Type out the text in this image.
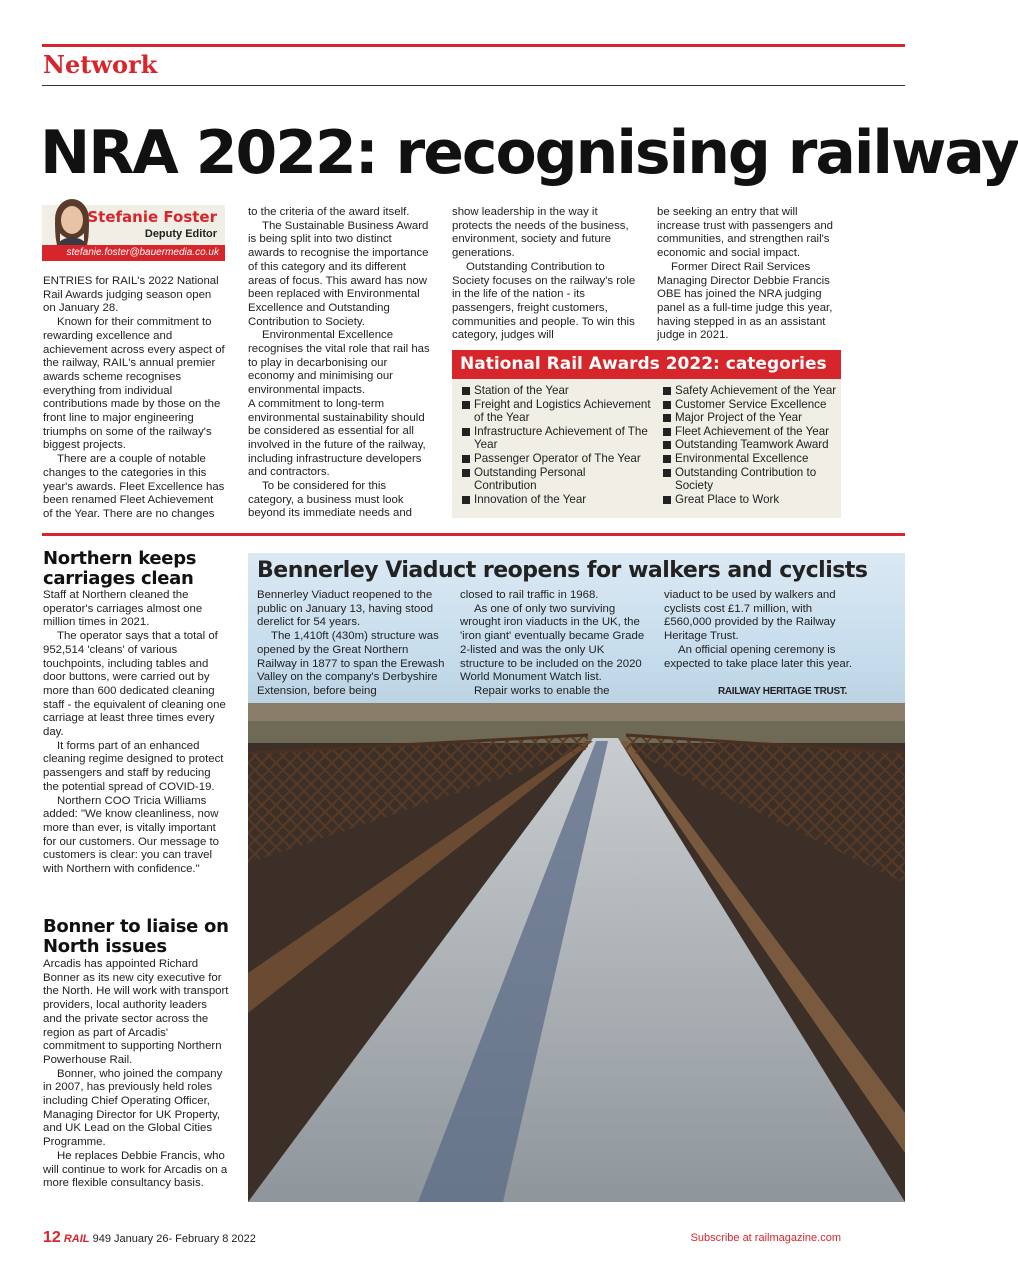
Network
NRA 2022: recognising railway
Stefanie Foster
Deputy Editor
stefanie.foster@bauermedia.co.uk

ENTRIES for RAIL's 2022 National Rail Awards judging season open on January 28.

Known for their commitment to rewarding excellence and achievement across every aspect of the railway, RAIL's annual premier awards scheme recognises everything from individual contributions made by those on the front line to major engineering triumphs on some of the railway's biggest projects.

There are a couple of notable changes to the categories in this year's awards. Fleet Excellence has been renamed Fleet Achievement of the Year. There are no changes

to the criteria of the award itself.

The Sustainable Business Award is being split into two distinct awards to recognise the importance of this category and its different areas of focus. This award has now been replaced with Environmental Excellence and Outstanding Contribution to Society.

Environmental Excellence recognises the vital role that rail has to play in decarbonising our economy and minimising our environmental impacts.

A commitment to long-term environmental sustainability should be considered as essential for all involved in the future of the railway, including infrastructure developers and contractors.

To be considered for this category, a business must look beyond its immediate needs and

show leadership in the way it protects the needs of the business, environment, society and future generations.

Outstanding Contribution to Society focuses on the railway's role in the life of the nation - its passengers, freight customers, communities and people. To win this category, judges will

be seeking an entry that will increase trust with passengers and communities, and strengthen rail's economic and social impact.

Former Direct Rail Services Managing Director Debbie Francis OBE has joined the NRA judging panel as a full-time judge this year, having stepped in as an assistant judge in 2021.

National Rail Awards 2022: categories
Station of the Year
Freight and Logistics Achievement of the Year
Infrastructure Achievement of The Year
Passenger Operator of The Year
Outstanding Personal Contribution
Innovation of the Year
Safety Achievement of the Year
Customer Service Excellence
Major Project of the Year
Fleet Achievement of the Year
Outstanding Teamwork Award
Environmental Excellence
Outstanding Contribution to Society
Great Place to Work
Northern keeps carriages clean

Staff at Northern cleaned the operator's carriages almost one million times in 2021.

The operator says that a total of 952,514 'cleans' of various touchpoints, including tables and door buttons, were carried out by more than 600 dedicated cleaning staff - the equivalent of cleaning one carriage at least three times every day.

It forms part of an enhanced cleaning regime designed to protect passengers and staff by reducing the potential spread of COVID-19.

Northern COO Tricia Williams added: "We know cleanliness, now more than ever, is vitally important for our customers. Our message to customers is clear: you can travel with Northern with confidence."

Bonner to liaise on North issues

Arcadis has appointed Richard Bonner as its new city executive for the North. He will work with transport providers, local authority leaders and the private sector across the region as part of Arcadis' commitment to supporting Northern Powerhouse Rail.

Bonner, who joined the company in 2007, has previously held roles including Chief Operating Officer, Managing Director for UK Property, and UK Lead on the Global Cities Programme.

He replaces Debbie Francis, who will continue to work for Arcadis on a more flexible consultancy basis.

Bennerley Viaduct reopens for walkers and cyclists

Bennerley Viaduct reopened to the public on January 13, having stood derelict for 54 years.

The 1,410ft (430m) structure was opened by the Great Northern Railway in 1877 to span the Erewash Valley on the company's Derbyshire Extension, before being

closed to rail traffic in 1968.

As one of only two surviving wrought iron viaducts in the UK, the 'iron giant' eventually became Grade 2-listed and was the only UK structure to be included on the 2020 World Monument Watch list.

Repair works to enable the

viaduct to be used by walkers and cyclists cost £1.7 million, with £560,000 provided by the Railway Heritage Trust.

An official opening ceremony is expected to take place later this year.

RAILWAY HERITAGE TRUST.
12 RAIL 949 January 26- February 8 2022	Subscribe at railmagazine.com
